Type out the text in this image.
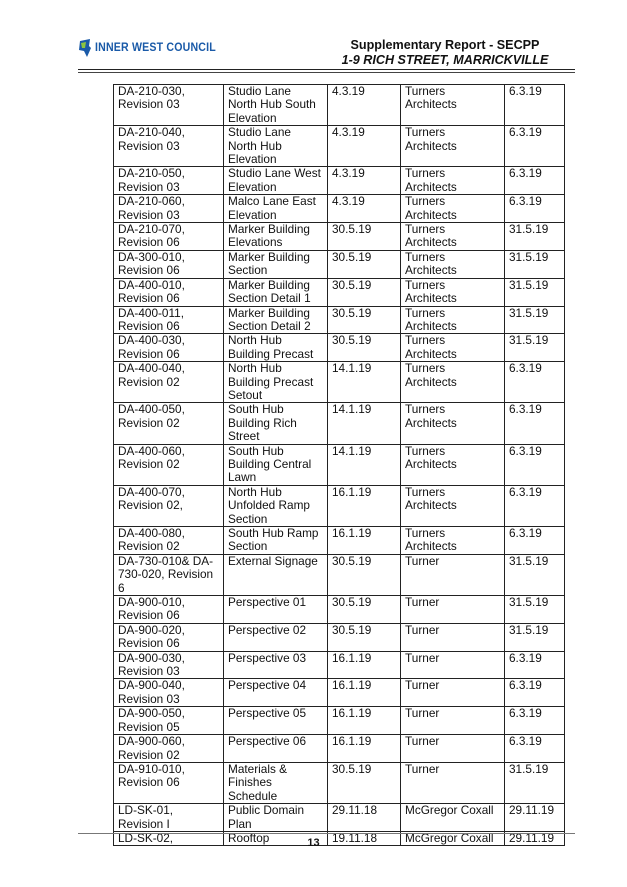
INNER WEST COUNCIL	Supplementary Report - SECPP
1-9 RICH STREET, MARRICKVILLE
DA-210-030,
Revision 03	Studio Lane
North Hub South
Elevation	4.3.19	Turners
Architects	6.3.19
DA-210-040,
Revision 03	Studio Lane
North Hub
Elevation	4.3.19	Turners
Architects	6.3.19
DA-210-050,
Revision 03	Studio Lane West
Elevation	4.3.19	Turners
Architects	6.3.19
DA-210-060,
Revision 03	Malco Lane East
Elevation	4.3.19	Turners
Architects	6.3.19
DA-210-070,
Revision 06	Marker Building
Elevations	30.5.19	Turners
Architects	31.5.19
DA-300-010,
Revision 06	Marker Building
Section	30.5.19	Turners
Architects	31.5.19
DA-400-010,
Revision 06	Marker Building
Section Detail 1	30.5.19	Turners
Architects	31.5.19
DA-400-011,
Revision 06	Marker Building
Section Detail 2	30.5.19	Turners
Architects	31.5.19
DA-400-030,
Revision 06	North Hub
Building Precast	30.5.19	Turners
Architects	31.5.19
DA-400-040,
Revision 02	North Hub
Building Precast
Setout	14.1.19	Turners
Architects	6.3.19
DA-400-050,
Revision 02	South Hub
Building Rich
Street	14.1.19	Turners
Architects	6.3.19
DA-400-060,
Revision 02	South Hub
Building Central
Lawn	14.1.19	Turners
Architects	6.3.19
DA-400-070,
Revision 02,	North Hub
Unfolded Ramp
Section	16.1.19	Turners
Architects	6.3.19
DA-400-080,
Revision 02	South Hub Ramp
Section	16.1.19	Turners
Architects	6.3.19
DA-730-010& DA-
730-020, Revision
6	External Signage	30.5.19	Turner	31.5.19
DA-900-010,
Revision 06	Perspective 01	30.5.19	Turner	31.5.19
DA-900-020,
Revision 06	Perspective 02	30.5.19	Turner	31.5.19
DA-900-030,
Revision 03	Perspective 03	16.1.19	Turner	6.3.19
DA-900-040,
Revision 03	Perspective 04	16.1.19	Turner	6.3.19
DA-900-050,
Revision 05	Perspective 05	16.1.19	Turner	6.3.19
DA-900-060,
Revision 02	Perspective 06	16.1.19	Turner	6.3.19
DA-910-010,
Revision 06	Materials &
Finishes
Schedule	30.5.19	Turner	31.5.19
LD-SK-01,
Revision I	Public Domain
Plan	29.11.18	McGregor Coxall	29.11.19
LD-SK-02,	Rooftop	19.11.18	McGregor Coxall	29.11.19
13
